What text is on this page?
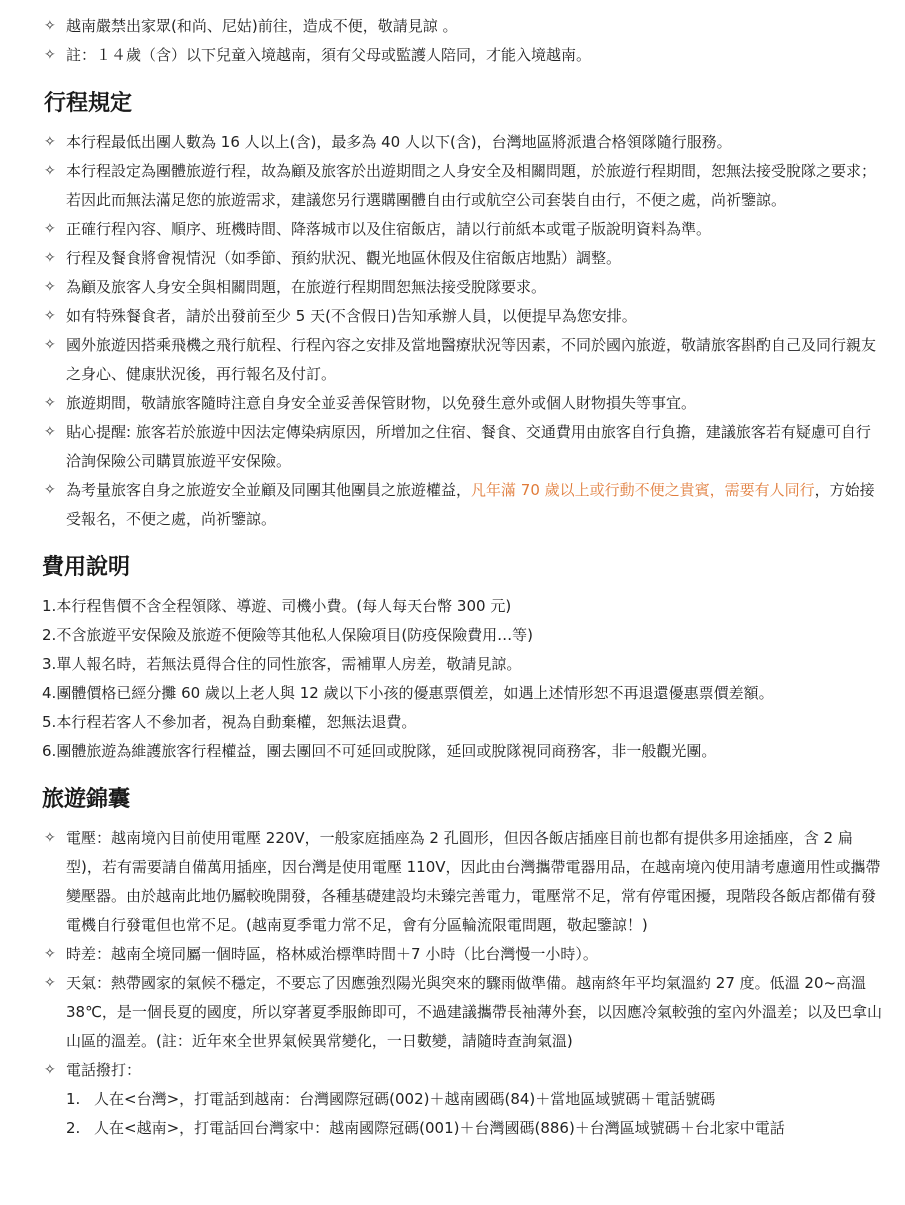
✧ 越南嚴禁出家眾(和尚、尼姑)前往，造成不便，敬請見諒 。
✧ 註：１４歲（含）以下兒童入境越南，須有父母或監護人陪同，才能入境越南。
行程規定
✧ 本行程最低出團人數為 16 人以上(含)，最多為 40 人以下(含)，台灣地區將派遣合格領隊隨行服務。
✧ 本行程設定為團體旅遊行程，故為顧及旅客於出遊期間之人身安全及相關問題，於旅遊行程期間，恕無法接受脫隊之要求；若因此而無法滿足您的旅遊需求，建議您另行選購團體自由行或航空公司套裝自由行，不便之處，尚祈鑒諒。
✧ 正確行程內容、順序、班機時間、降落城市以及住宿飯店，請以行前紙本或電子版說明資料為準。
✧ 行程及餐食將會視情況（如季節、預約狀況、觀光地區休假及住宿飯店地點）調整。
✧ 為顧及旅客人身安全與相關問題，在旅遊行程期間恕無法接受脫隊要求。
✧ 如有特殊餐食者，請於出發前至少 5 天(不含假日)告知承辦人員，以便提早為您安排。
✧ 國外旅遊因搭乘飛機之飛行航程、行程內容之安排及當地醫療狀況等因素，不同於國內旅遊，敬請旅客斟酌自己及同行親友之身心、健康狀況後，再行報名及付訂。
✧ 旅遊期間，敬請旅客隨時注意自身安全並妥善保管財物，以免發生意外或個人財物損失等事宜。
✧ 貼心提醒: 旅客若於旅遊中因法定傳染病原因，所增加之住宿、餐食、交通費用由旅客自行負擔，建議旅客若有疑慮可自行洽詢保險公司購買旅遊平安保險。
✧ 為考量旅客自身之旅遊安全並顧及同團其他團員之旅遊權益，凡年滿 70 歲以上或行動不便之貴賓，需要有人同行，方始接受報名，不便之處，尚祈鑒諒。
費用說明
1. 本行程售價不含全程領隊、導遊、司機小費。(每人每天台幣 300 元)
2. 不含旅遊平安保險及旅遊不便險等其他私人保險項目(防疫保險費用…等)
3. 單人報名時，若無法覓得合住的同性旅客，需補單人房差，敬請見諒。
4. 團體價格已經分攤 60 歲以上老人與 12 歲以下小孩的優惠票價差，如遇上述情形恕不再退還優惠票價差額。
5. 本行程若客人不參加者，視為自動棄權，恕無法退費。
6. 團體旅遊為維護旅客行程權益，團去團回不可延回或脫隊，延回或脫隊視同商務客，非一般觀光團。
旅遊錦囊
✧ 電壓：越南境內目前使用電壓 220V，一般家庭插座為 2 孔圓形，但因各飯店插座目前也都有提供多用途插座，含 2 扁型)，若有需要請自備萬用插座，因台灣是使用電壓 110V，因此由台灣攜帶電器用品，在越南境內使用請考慮適用性或攜帶變壓器。由於越南此地仍屬較晚開發，各種基礎建設均未臻完善電力，電壓常不足，常有停電困擾，現階段各飯店都備有發電機自行發電但也常不足。(越南夏季電力常不足，會有分區輪流限電問題，敬起鑒諒！)
✧ 時差：越南全境同屬一個時區，格林威治標準時間＋7 小時（比台灣慢一小時）。
✧ 天氣：熱帶國家的氣候不穩定，不要忘了因應強烈陽光與突來的驟雨做準備。越南終年平均氣溫約 27 度。低溫 20~高溫 38℃，是一個長夏的國度，所以穿著夏季服飾即可，不過建議攜帶長袖薄外套，以因應冷氣較強的室內外溫差；以及巴拿山山區的溫差。(註：近年來全世界氣候異常變化，一日數變，請隨時查詢氣溫)
✧ 電話撥打：
1. 人在<台灣>，打電話到越南：台灣國際冠碼(002)＋越南國碼(84)＋當地區域號碼＋電話號碼
2. 人在<越南>，打電話回台灣家中：越南國際冠碼(001)＋台灣國碼(886)＋台灣區域號碼＋台北家中電話
